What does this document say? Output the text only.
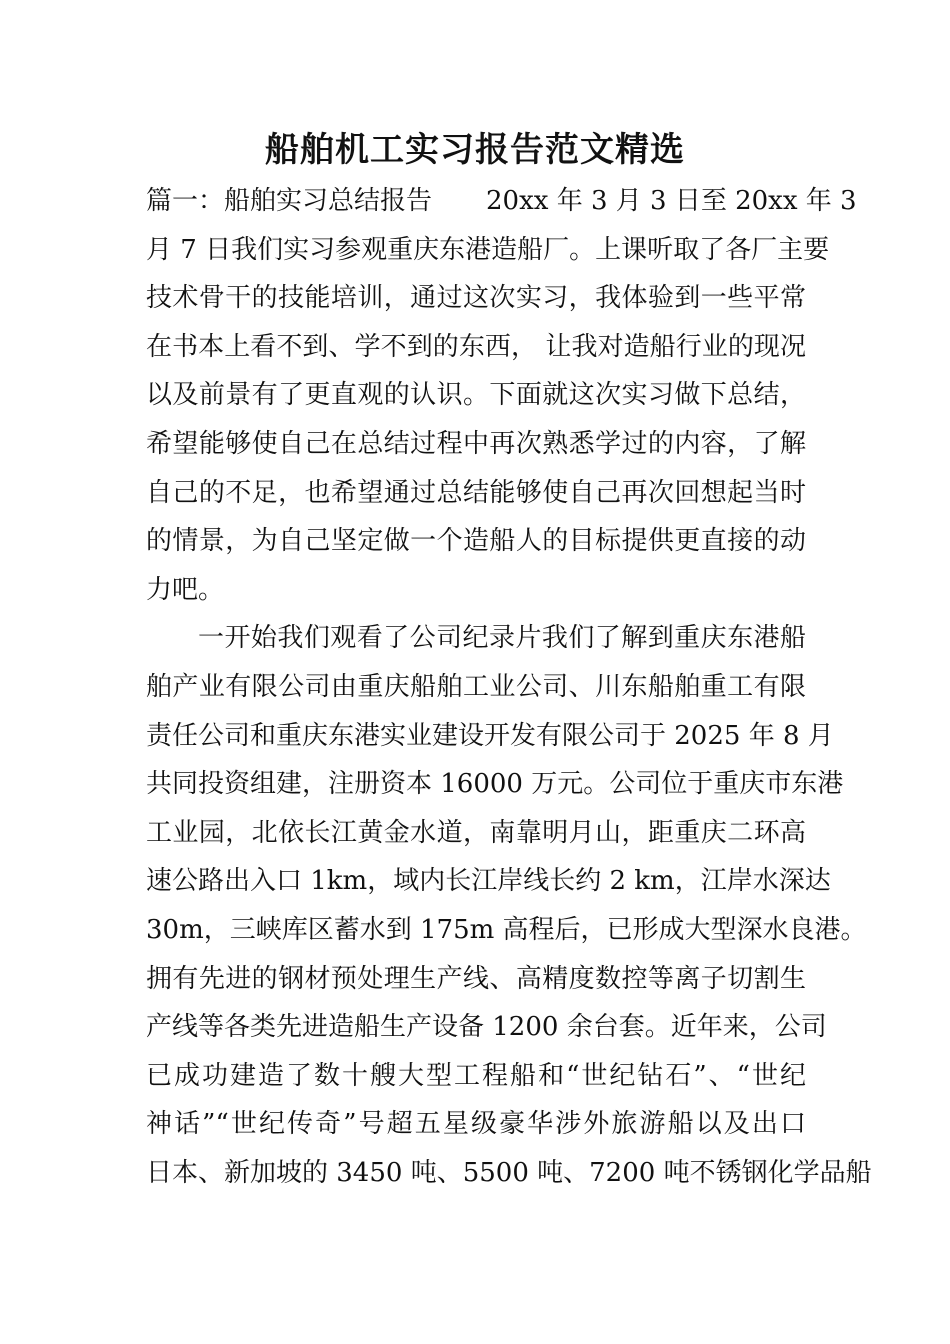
船舶机工实习报告范文精选
篇一：船舶实习总结报告 20xx 年 3 月 3 日至 20xx 年 3
月 7 日我们实习参观重庆东港造船厂。上课听取了各厂主要
技术骨干的技能培训，通过这次实习，我体验到一些平常
在书本上看不到、学不到的东西， 让我对造船行业的现况
以及前景有了更直观的认识。下面就这次实习做下总结，
希望能够使自己在总结过程中再次熟悉学过的内容，了解
自己的不足，也希望通过总结能够使自己再次回想起当时
的情景，为自己坚定做一个造船人的目标提供更直接的动
力吧。
一开始我们观看了公司纪录片我们了解到重庆东港船
舶产业有限公司由重庆船舶工业公司、川东船舶重工有限
责任公司和重庆东港实业建设开发有限公司于 2025 年 8 月
共同投资组建，注册资本 16000 万元。公司位于重庆市东港
工业园，北依长江黄金水道，南靠明月山，距重庆二环高
速公路出入口 1km，域内长江岸线长约 2 km，江岸水深达
30m，三峡库区蓄水到 175m 高程后，已形成大型深水良港。
拥有先进的钢材预处理生产线、高精度数控等离子切割生
产线等各类先进造船生产设备 1200 余台套。近年来，公司
已成功建造了数十艘大型工程船和“世纪钻石”、“世纪
神话”“世纪传奇”号超五星级豪华涉外旅游船以及出口
日本、新加坡的 3450 吨、5500 吨、7200 吨不锈钢化学品船
